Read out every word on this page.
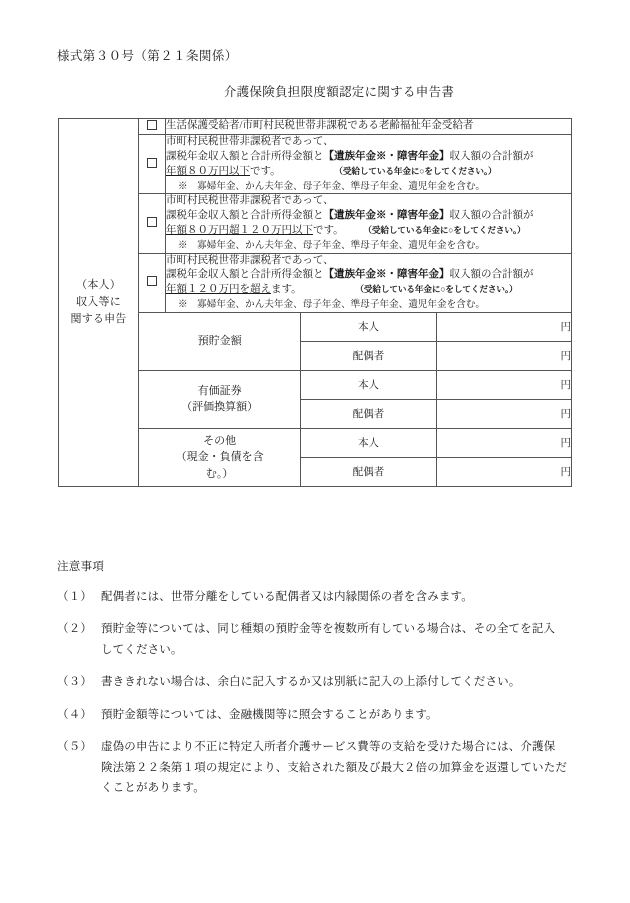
様式第３０号（第２１条関係）
介護保険負担限度額認定に関する申告書
（本人）
収入等に
関する申告		生活保護受給者/市町村民税世帯非課税である老齢福祉年金受給者		

		市町村民税世帯非課税者であって、
課税年金収入額と合計所得金額と【遺族年金※・障害年金】収入額の合計額が
年額８０万円以下です。 （受給している年金に○をしてください。）
※　寡婦年金、かん夫年金、母子年金、準母子年金、遺児年金を含む。		

		市町村民税世帯非課税者であって、
課税年金収入額と合計所得金額と【遺族年金※・障害年金】収入額の合計額が
年額８０万円超１２０万円以下です。 （受給している年金に○をしてください。）
※　寡婦年金、かん夫年金、母子年金、準母子年金、遺児年金を含む。		

		市町村民税世帯非課税者であって、
課税年金収入額と合計所得金額と【遺族年金※・障害年金】収入額の合計額が
年額１２０万円を超えます。 （受給している年金に○をしてください。）
※　寡婦年金、かん夫年金、母子年金、準母子年金、遺児年金を含む。		

	預貯金額		本人	円
			配偶者	円

	有価証券
（評価換算額）		本人	円
			配偶者	円

	その他
（現金・負債を含
む。）		本人	円
			配偶者	円
注意事項
（１） 配偶者には、世帯分離をしている配偶者又は内縁関係の者を含みます。
（２） 預貯金等については、同じ種類の預貯金等を複数所有している場合は、その全てを記入
してください。
（３） 書ききれない場合は、余白に記入するか又は別紙に記入の上添付してください。
（４） 預貯金額等については、金融機関等に照会することがあります。
（５） 虚偽の申告により不正に特定入所者介護サービス費等の支給を受けた場合には、介護保
険法第２２条第１項の規定により、支給された額及び最大２倍の加算金を返還していただ
くことがあります。
